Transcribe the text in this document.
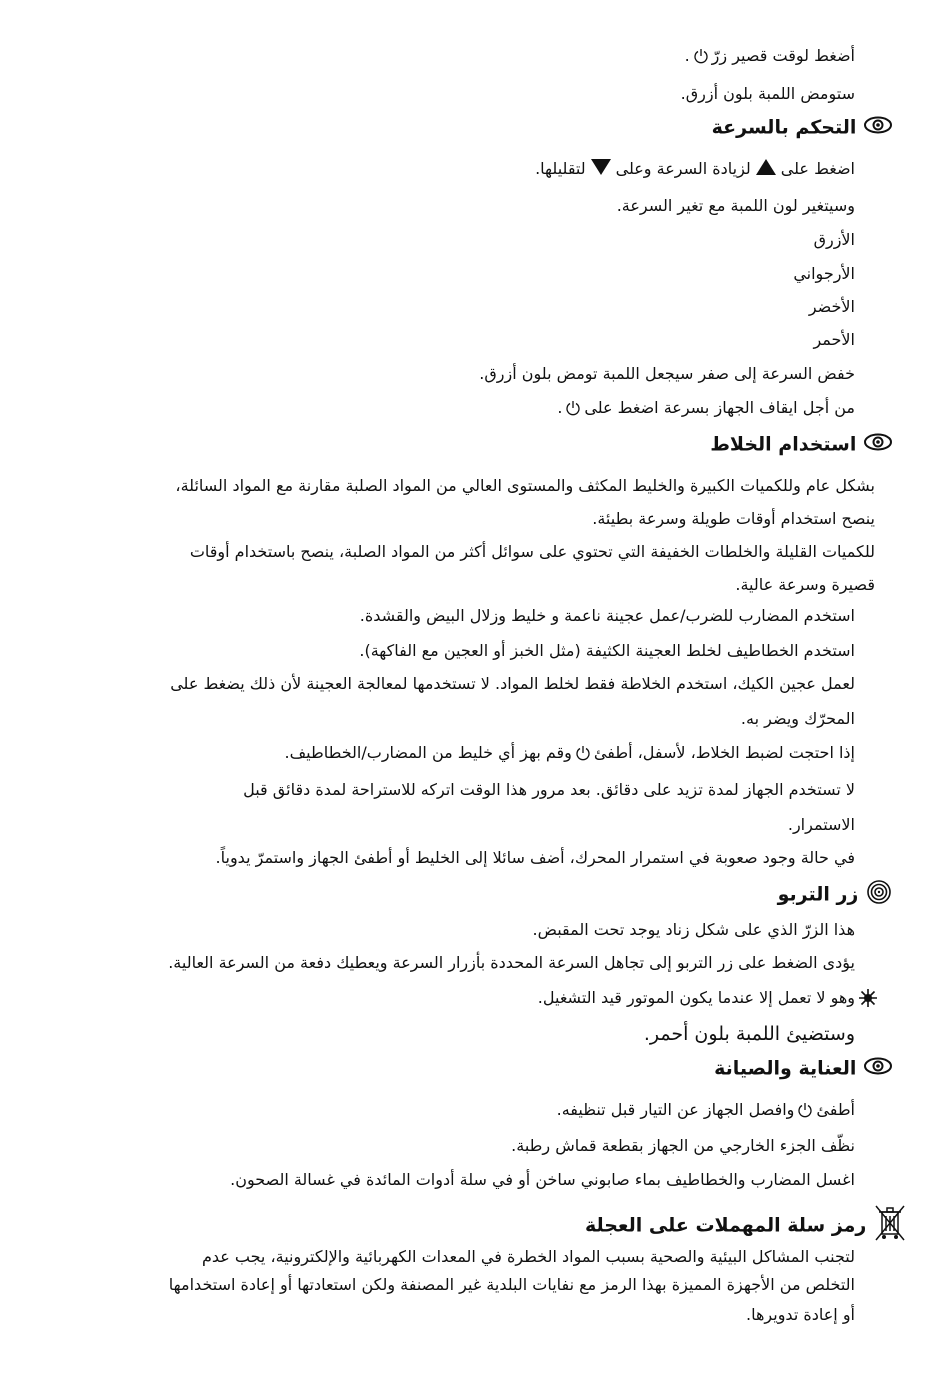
أضغط لوقت قصير زرّ.
ستومض اللمبة بلون أزرق.
التحكم بالسرعة
اضغط علىلزيادة السرعة وعلىلتقليلها.
وسيتغير لون اللمبة مع تغير السرعة.
الأزرق
الأرجواني
الأخضر
الأحمر
خفض السرعة إلى صفر سيجعل اللمبة تومض بلون أزرق.
من أجل ايقاف الجهاز بسرعة اضغط على.
استخدام الخلاط
بشكل عام وللكميات الكبيرة والخليط المكثف والمستوى العالي من المواد الصلبة مقارنة مع المواد السائلة،
ينصح استخدام أوقات طويلة وسرعة بطيئة.
للكميات القليلة والخلطات الخفيفة التي تحتوي على سوائل أكثر من المواد الصلبة، ينصح باستخدام أوقات
قصيرة وسرعة عالية.
استخدم المضارب للضرب/عمل عجينة ناعمة و خليط وزلال البيض والقشدة.
استخدم الخطاطيف لخلط العجينة الكثيفة (مثل الخبز أو العجين مع الفاكهة).
لعمل عجين الكيك، استخدم الخلاطة فقط لخلط المواد. لا تستخدمها لمعالجة العجينة لأن ذلك يضغط على
المحرّك ويضر به.
إذا احتجت لضبط الخلاط، لأسفل، أطفئوقم بهز أي خليط من المضارب/الخطاطيف.
لا تستخدم الجهاز لمدة تزيد على دقائق. بعد مرور هذا الوقت اتركه للاستراحة لمدة دقائق قبل
الاستمرار.
في حالة وجود صعوبة في استمرار المحرك، أضف سائلا إلى الخليط أو أطفئ الجهاز واستمرّ يدوياً.
زر التربو
هذا الزرّ الذي على شكل زناد يوجد تحت المقبض.
يؤدى الضغط على زر التربو إلى تجاهل السرعة المحددة بأزرار السرعة ويعطيك دفعة من السرعة العالية.
وهو لا تعمل إلا عندما يكون الموتور قيد التشغيل.
وستضيئ اللمبة بلون أحمر.
العناية والصيانة
أطفئوافصل الجهاز عن التيار قبل تنظيفه.
نظّف الجزء الخارجي من الجهاز بقطعة قماش رطبة.
اغسل المضارب والخطاطيف بماء صابوني ساخن أو في سلة أدوات المائدة في غسالة الصحون.
رمز سلة المهملات على العجلة
لتجنب المشاكل البيئية والصحية بسبب المواد الخطرة في المعدات الكهربائية والإلكترونية، يجب عدم
التخلص من الأجهزة المميزة بهذا الرمز مع نفايات البلدية غير المصنفة ولكن استعادتها أو إعادة استخدامها
أو إعادة تدويرها.
